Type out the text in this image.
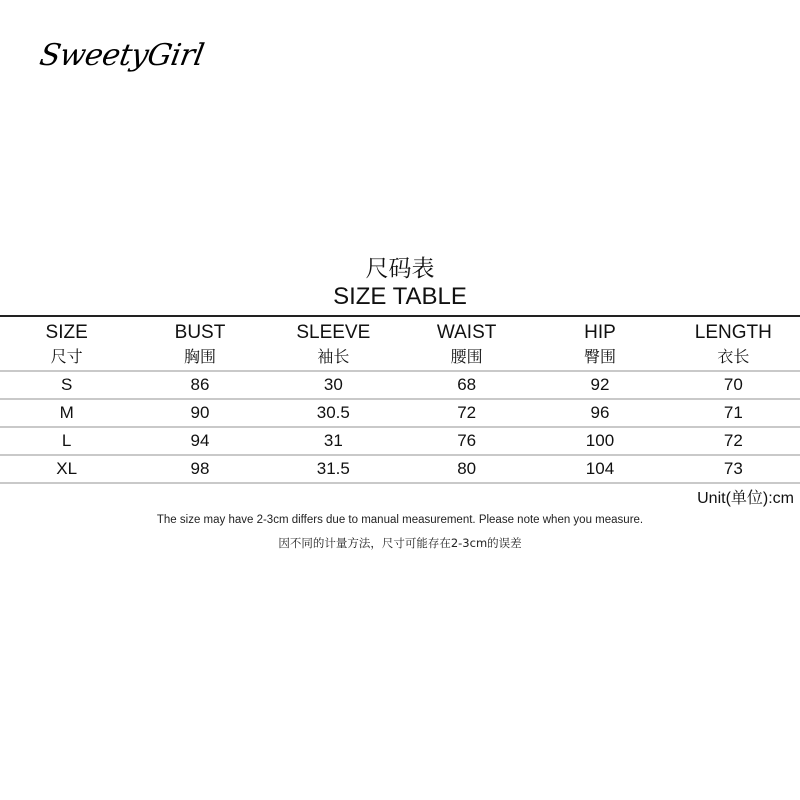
SweetyGirl
尺码表
SIZE TABLE
SIZE	BUST	SLEEVE	WAIST	HIP	LENGTH
尺寸	胸围	袖长	腰围	臀围	衣长
S	86	30	68	92	70
M	90	30.5	72	96	71
L	94	31	76	100	72
XL	98	31.5	80	104	73
Unit(单位):cm
The size may have 2-3cm differs due to manual measurement. Please note when you measure.
因不同的计量方法，尺寸可能存在2-3cm的误差
